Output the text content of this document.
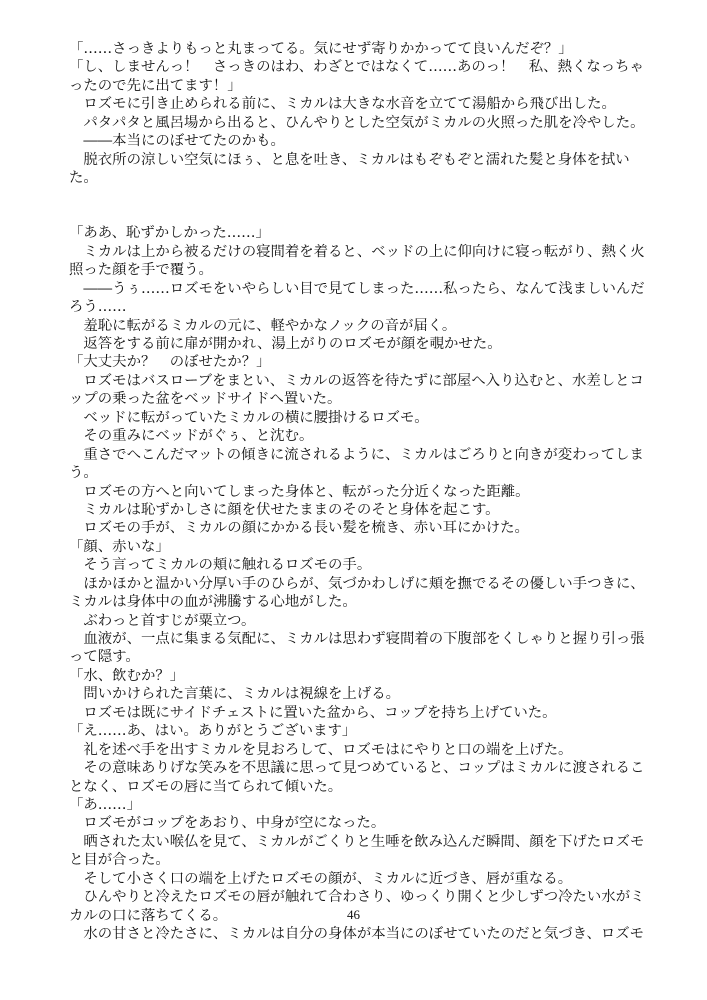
「……さっきよりもっと丸まってる。気にせず寄りかかってて良いんだぞ？」
「し、しませんっ！　さっきのはわ、わざとではなくて……あのっ！　私、熱くなっちゃ
ったので先に出てます！」
　ロズモに引き止められる前に、ミカルは大きな水音を立てて湯船から飛び出した。
　パタパタと風呂場から出ると、ひんやりとした空気がミカルの火照った肌を冷やした。
　――本当にのぼせてたのかも。
　脱衣所の涼しい空気にほぅ、と息を吐き、ミカルはもぞもぞと濡れた髪と身体を拭い
た。
「ああ、恥ずかしかった……」
　ミカルは上から被るだけの寝間着を着ると、ベッドの上に仰向けに寝っ転がり、熱く火
照った顔を手で覆う。
　――うぅ……ロズモをいやらしい目で見てしまった……私ったら、なんて浅ましいんだ
ろう……
　羞恥に転がるミカルの元に、軽やかなノックの音が届く。
　返答をする前に扉が開かれ、湯上がりのロズモが顔を覗かせた。
「大丈夫か？　のぼせたか？」
　ロズモはバスローブをまとい、ミカルの返答を待たずに部屋へ入り込むと、水差しとコ
ップの乗った盆をベッドサイドへ置いた。
　ベッドに転がっていたミカルの横に腰掛けるロズモ。
　その重みにベッドがぐぅ、と沈む。
　重さでへこんだマットの傾きに流されるように、ミカルはごろりと向きが変わってしま
う。
　ロズモの方へと向いてしまった身体と、転がった分近くなった距離。
　ミカルは恥ずかしさに顔を伏せたままのそのそと身体を起こす。
　ロズモの手が、ミカルの顔にかかる長い髪を梳き、赤い耳にかけた。
「顔、赤いな」
　そう言ってミカルの頬に触れるロズモの手。
　ほかほかと温かい分厚い手のひらが、気づかわしげに頬を撫でるその優しい手つきに、
ミカルは身体中の血が沸騰する心地がした。
　ぶわっと首すじが粟立つ。
　血液が、一点に集まる気配に、ミカルは思わず寝間着の下腹部をくしゃりと握り引っ張
って隠す。
「水、飲むか？」
　問いかけられた言葉に、ミカルは視線を上げる。
　ロズモは既にサイドチェストに置いた盆から、コップを持ち上げていた。
「え……あ、はい。ありがとうございます」
　礼を述べ手を出すミカルを見おろして、ロズモはにやりと口の端を上げた。
　その意味ありげな笑みを不思議に思って見つめていると、コップはミカルに渡されるこ
となく、ロズモの唇に当てられて傾いた。
「あ……」
　ロズモがコップをあおり、中身が空になった。
　晒された太い喉仏を見て、ミカルがごくりと生唾を飲み込んだ瞬間、顔を下げたロズモ
と目が合った。
　そして小さく口の端を上げたロズモの顔が、ミカルに近づき、唇が重なる。
　ひんやりと冷えたロズモの唇が触れて合わさり、ゆっくり開くと少しずつ冷たい水がミ
カルの口に落ちてくる。
　水の甘さと冷たさに、ミカルは自分の身体が本当にのぼせていたのだと気づき、ロズモ
46
